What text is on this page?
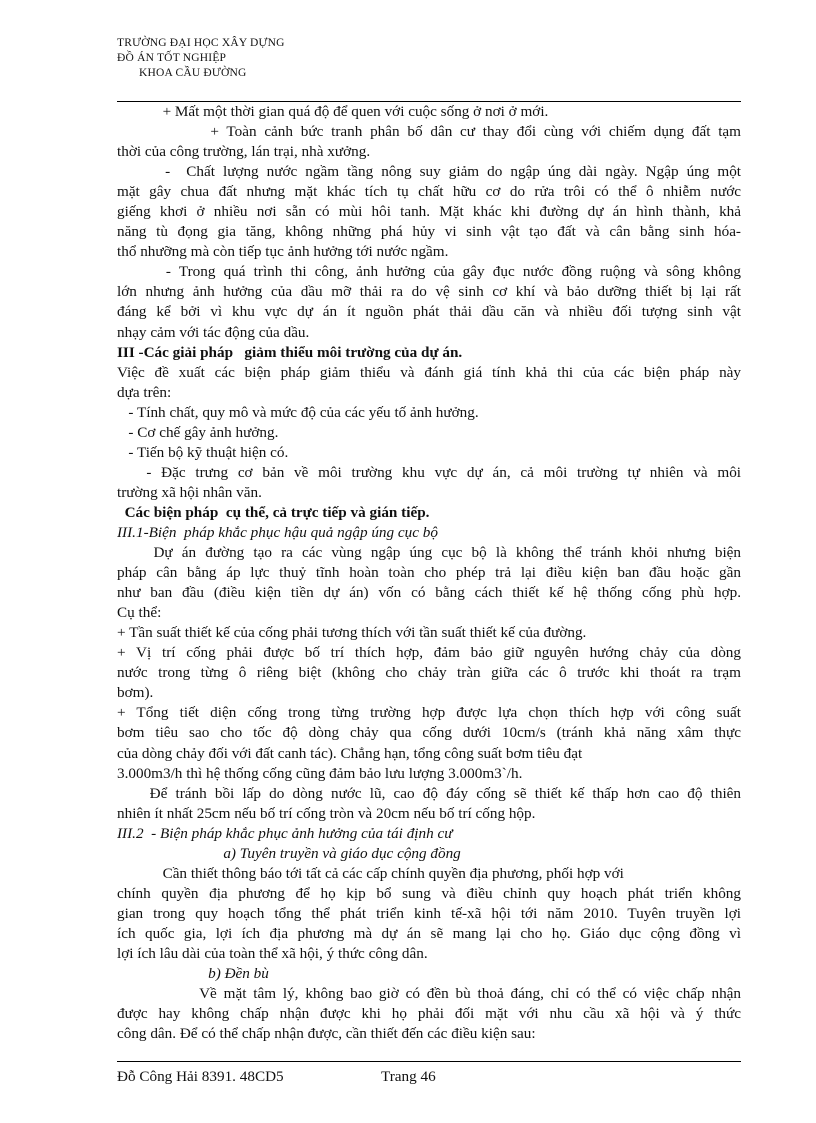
TRƯỜNG ĐẠI HỌC XÂY DỰNG
ĐỒ ÁN TỐT NGHIỆP
KHOA CẦU ĐƯỜNG
+ Mất một thời gian quá độ để quen với cuộc sống ở nơi ở mới.
+ Toàn cảnh bức tranh phân bố dân cư thay đổi cùng với chiếm dụng đất tạm
thời của công trường, lán trại, nhà xưởng.
-  Chất lượng nước ngầm tầng nông suy giảm do ngập úng dài ngày. Ngập úng một
mặt gây chua đất nhưng mặt khác tích tụ chất hữu cơ do rửa trôi có thể ô nhiễm nước
giếng khơi ở nhiều nơi sẵn có mùi hôi tanh. Mặt khác khi đường dự án hình thành, khả
năng tù đọng gia tăng, không những phá hủy vi sinh vật tạo đất và cân bằng sinh hóa-
thổ nhưỡng mà còn tiếp tục ảnh hưởng tới nước ngầm.
- Trong quá trình thi công, ảnh hưởng của gây đục nước đồng ruộng và sông không
lớn nhưng ảnh hưởng của dầu mỡ thải ra do vệ sinh cơ khí và bảo dưỡng thiết bị lại rất
đáng kể bởi vì khu vực dự án ít nguồn phát thải dầu căn và nhiều đối tượng sinh vật
nhạy cảm với tác động của dầu.
III -Các giải pháp   giảm thiểu môi trường của dự án.
Việc đề xuất các biện pháp giảm thiểu và đánh giá tính khả thi của các biện pháp này
dựa trên:
- Tính chất, quy mô và mức độ của các yếu tố ảnh hưởng.
- Cơ chế gây ảnh hưởng.
- Tiến bộ kỹ thuật hiện có.
- Đặc trưng cơ bản về môi trường khu vực dự án, cả môi trường tự nhiên và môi
trường xã hội nhân văn.
Các biện pháp  cụ thể, cả trực tiếp và gián tiếp.
III.1-Biện  pháp khắc phục hậu quả ngập úng cục bộ
Dự án đường tạo ra các vùng ngập úng cục bộ là không thể tránh khỏi nhưng biện
pháp cân bằng áp lực thuỷ tĩnh hoàn toàn cho phép trả lại điều kiện ban đầu hoặc gần
như ban đầu (điều kiện tiền dự án) vốn có bằng cách thiết kế hệ thống cống phù hợp.
Cụ thể:
+ Tần suất thiết kế của cống phải tương thích với tần suất thiết kế của đường.
+ Vị trí cống phải được bố trí thích hợp, đảm bảo giữ nguyên hướng chảy của dòng
nước trong từng ô riêng biệt (không cho chảy tràn giữa các ô trước khi thoát ra trạm
bơm).
+ Tổng tiết diện cống trong từng trường hợp được lựa chọn thích hợp với công suất
bơm tiêu sao cho tốc độ dòng chảy qua cống dưới 10cm/s (tránh khả năng xâm thực
của dòng chảy đối với đất canh tác). Chẳng hạn, tổng công suất bơm tiêu đạt
3.000m3/h thì hệ thống cống cũng đảm bảo lưu lượng 3.000m3`/h.
Để tránh bồi lấp do dòng nước lũ, cao độ đáy cống sẽ thiết kế thấp hơn cao độ thiên
nhiên ít nhất 25cm nếu bố trí cống tròn và 20cm nếu bố trí cống hộp.
III.2  - Biện pháp khắc phục ảnh hưởng của tái định cư
a) Tuyên truyền và giáo dục cộng đồng
Cần thiết thông báo tới tất cả các cấp chính quyền địa phương, phối hợp với
chính quyền địa phương để họ kịp bổ sung và điều chỉnh quy hoạch phát triển không
gian trong quy hoạch tổng thể phát triển kinh tế-xã hội tới năm 2010. Tuyên truyền lợi
ích quốc gia, lợi ích địa phương mà dự án sẽ mang lại cho họ. Giáo dục cộng đồng vì
lợi ích lâu dài của toàn thể xã hội, ý thức công dân.
b) Đền bù
Về mặt tâm lý, không bao giờ có đền bù thoả đáng, chỉ có thể có việc chấp nhận
được hay không chấp nhận được khi họ phải đối mặt với nhu cầu xã hội và ý thức
công dân. Để có thể chấp nhận được, cần thiết đến các điều kiện sau:
Đỗ Công Hải 8391. 48CD5	Trang 46
